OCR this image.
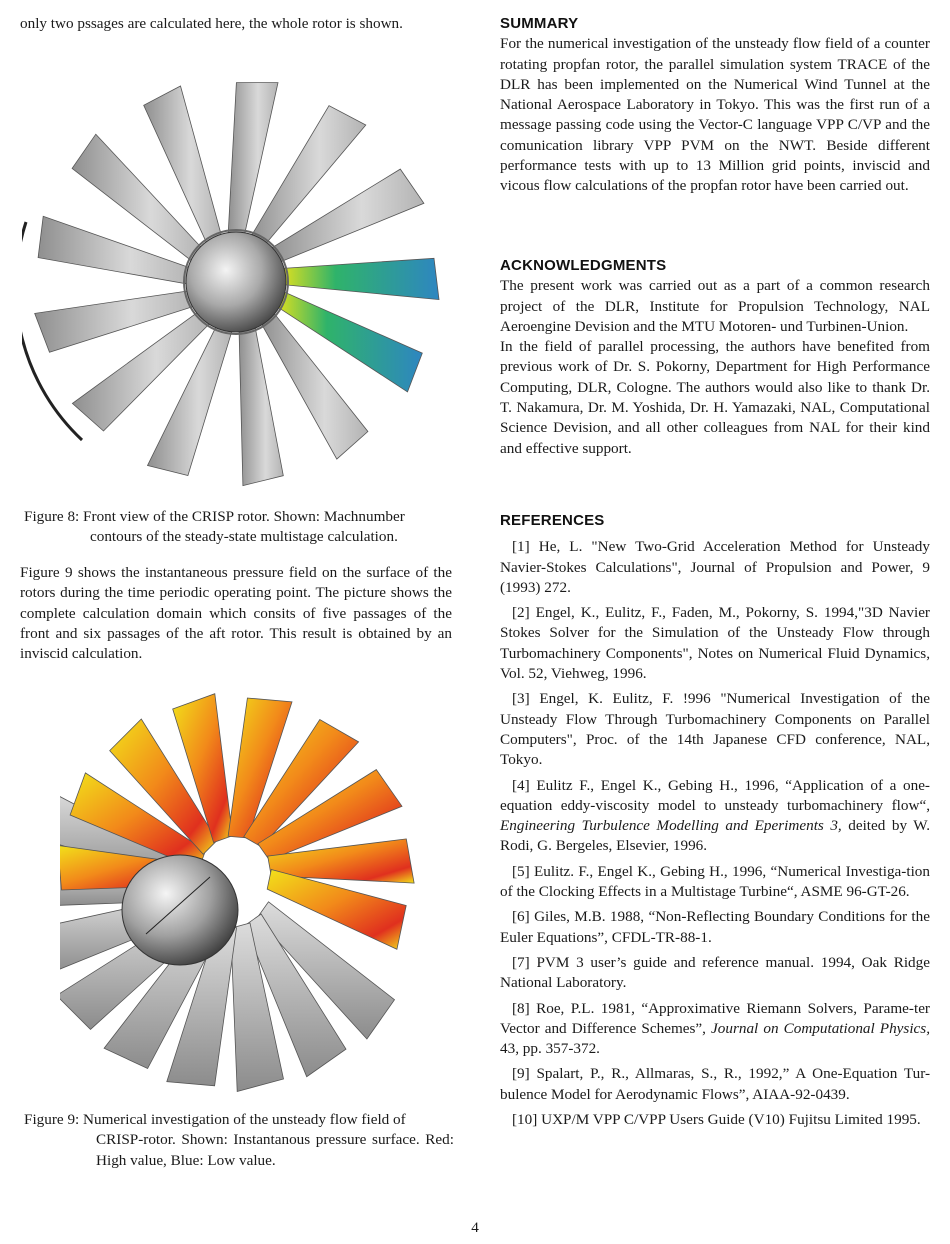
only two pssages are calculated here, the whole rotor is shown.

Figure 8: Front view of the CRISP rotor. Shown: Machnumber
contours of the steady-state multistage calculation.

Figure 9 shows the instantaneous pressure field on the surface of the rotors during the time periodic operating point. The picture shows the complete calculation domain which consits of five passages of the front and six passages of the aft rotor. This result is obtained by an inviscid calculation.

Figure 9: Numerical investigation of the unsteady flow field of
CRISP-rotor. Shown: Instantanous pressure surface. Red: High value, Blue: Low value.
SUMMARY

For the numerical investigation of the unsteady flow field of a counter rotating propfan rotor, the parallel simulation system TRACE of the DLR has been implemented on the Numerical Wind Tunnel at the National Aerospace Laboratory in Tokyo. This was the first run of a message passing code using the Vector-C language VPP C/VP and the comunication library VPP PVM on the NWT. Beside different performance tests with up to 13 Million grid points, inviscid and vicous flow calculations of the propfan rotor have been carried out.

ACKNOWLEDGMENTS

The present work was carried out as a part of a common research project of the DLR, Institute for Propulsion Technology, NAL Aeroengine Devision and the MTU Motoren- und Turbinen-Union.

In the field of parallel processing, the authors have benefited from previous work of Dr. S. Pokorny, Department for High Performance Computing, DLR, Cologne. The authors would also like to thank Dr. T. Nakamura, Dr. M. Yoshida, Dr. H. Yamazaki, NAL, Computational Science Devision, and all other colleagues from NAL for their kind and effective support.

REFERENCES

[1] He, L. "New Two-Grid Acceleration Method for Unsteady Navier-Stokes Calculations", Journal of Propulsion and Power, 9 (1993) 272.

[2] Engel, K., Eulitz, F., Faden, M., Pokorny, S. 1994,"3D Navier Stokes Solver for the Simulation of the Unsteady Flow through Turbomachinery Components", Notes on Numerical Fluid Dynamics, Vol. 52, Viehweg, 1996.

[3] Engel, K. Eulitz, F. !996 "Numerical Investigation of the Unsteady Flow Through Turbomachinery Components on Parallel Computers", Proc. of the 14th Japanese CFD conference, NAL, Tokyo.

[4] Eulitz F., Engel K., Gebing H., 1996, “Application of a one-equation eddy-viscosity model to unsteady turbomachinery flow“, Engineering Turbulence Modelling and Eperiments 3, deited by W. Rodi, G. Bergeles, Elsevier, 1996.

[5] Eulitz. F., Engel K., Gebing H., 1996, “Numerical Investiga-tion of the Clocking Effects in a Multistage Turbine“, ASME 96-GT-26.

[6] Giles, M.B. 1988, “Non-Reflecting Boundary Conditions for the Euler Equations”, CFDL-TR-88-1.

[7] PVM 3 user’s guide and reference manual. 1994, Oak Ridge National Laboratory.

[8] Roe, P.L. 1981, “Approximative Riemann Solvers, Parame-ter Vector and Difference Schemes”, Journal on Computational Physics, 43, pp. 357-372.

[9] Spalart, P., R., Allmaras, S., R., 1992,” A One-Equation Tur-bulence Model for Aerodynamic Flows”, AIAA-92-0439.

[10] UXP/M VPP C/VPP Users Guide (V10) Fujitsu Limited 1995.

4
